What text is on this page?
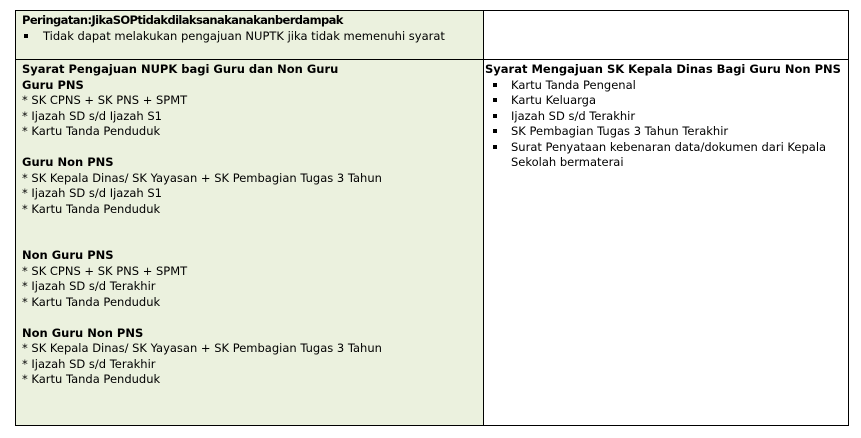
Peringatan:JikaSOPtidakdilaksanakanakanberdampak
Tidak dapat melakukan pengajuan NUPTK jika tidak memenuhi syarat
Syarat Pengajuan NUPK bagi Guru dan Non Guru
Guru PNS
* SK CPNS + SK PNS + SPMT
* Ijazah SD s/d Ijazah S1
* Kartu Tanda Penduduk
Guru Non PNS
* SK Kepala Dinas/ SK Yayasan + SK Pembagian Tugas 3 Tahun
* Ijazah SD s/d Ijazah S1
* Kartu Tanda Penduduk
Non Guru PNS
* SK CPNS + SK PNS + SPMT
* Ijazah SD s/d Terakhir
* Kartu Tanda Penduduk
Non Guru Non PNS
* SK Kepala Dinas/ SK Yayasan + SK Pembagian Tugas 3 Tahun
* Ijazah SD s/d Terakhir
* Kartu Tanda Penduduk
Syarat Mengajuan SK Kepala Dinas Bagi Guru Non PNS
Kartu Tanda Pengenal
Kartu Keluarga
Ijazah SD s/d Terakhir
SK Pembagian Tugas 3 Tahun Terakhir
Surat Penyataan kebenaran data/dokumen dari Kepala Sekolah bermaterai
